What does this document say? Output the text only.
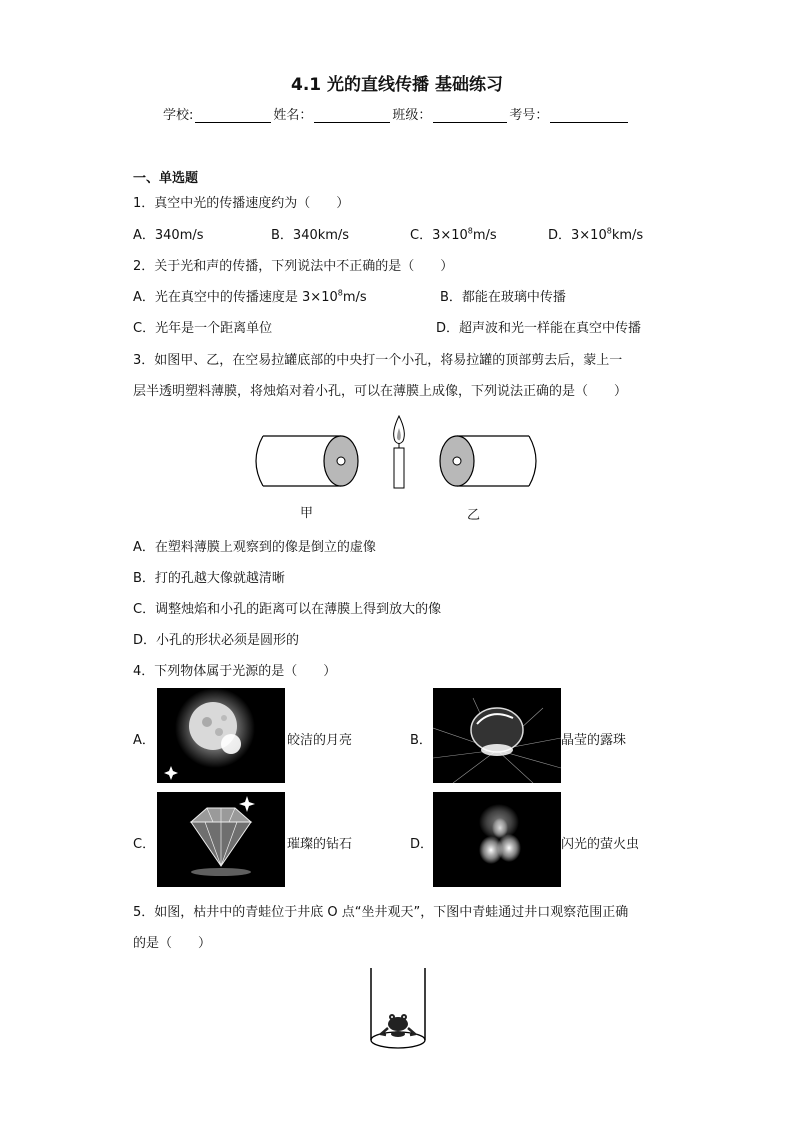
4.1 光的直线传播 基础练习
学校:	姓名：	班级：	考号：
一、单选题
1．真空中光的传播速度约为（　　）
A．340m/s	B．340km/s	C．$3\times 10^8m/s$	D．$3\times 10^8km/s$
2．关于光和声的传播，下列说法中不正确的是（　　）
A．光在真空中的传播速度是 $3\times 10^8m/s$	B．都能在玻璃中传播
C．光年是一个距离单位	D．超声波和光一样能在真空中传播
3．如图甲、乙，在空易拉罐底部的中央打一个小孔，将易拉罐的顶部剪去后，蒙上一
层半透明塑料薄膜，将烛焰对着小孔，可以在薄膜上成像，下列说法正确的是（　　）
甲	乙
A．在塑料薄膜上观察到的像是倒立的虚像
B．打的孔越大像就越清晰
C．调整烛焰和小孔的距离可以在薄膜上得到放大的像
D．小孔的形状必须是圆形的
4．下列物体属于光源的是（　　）
A．	皎洁的月亮	B．	晶莹的露珠
C．	璀璨的钻石	D．	闪光的萤火虫
5．如图，枯井中的青蛙位于井底 O 点“坐井观天”，下图中青蛙通过井口观察范围正确
的是（　　）
